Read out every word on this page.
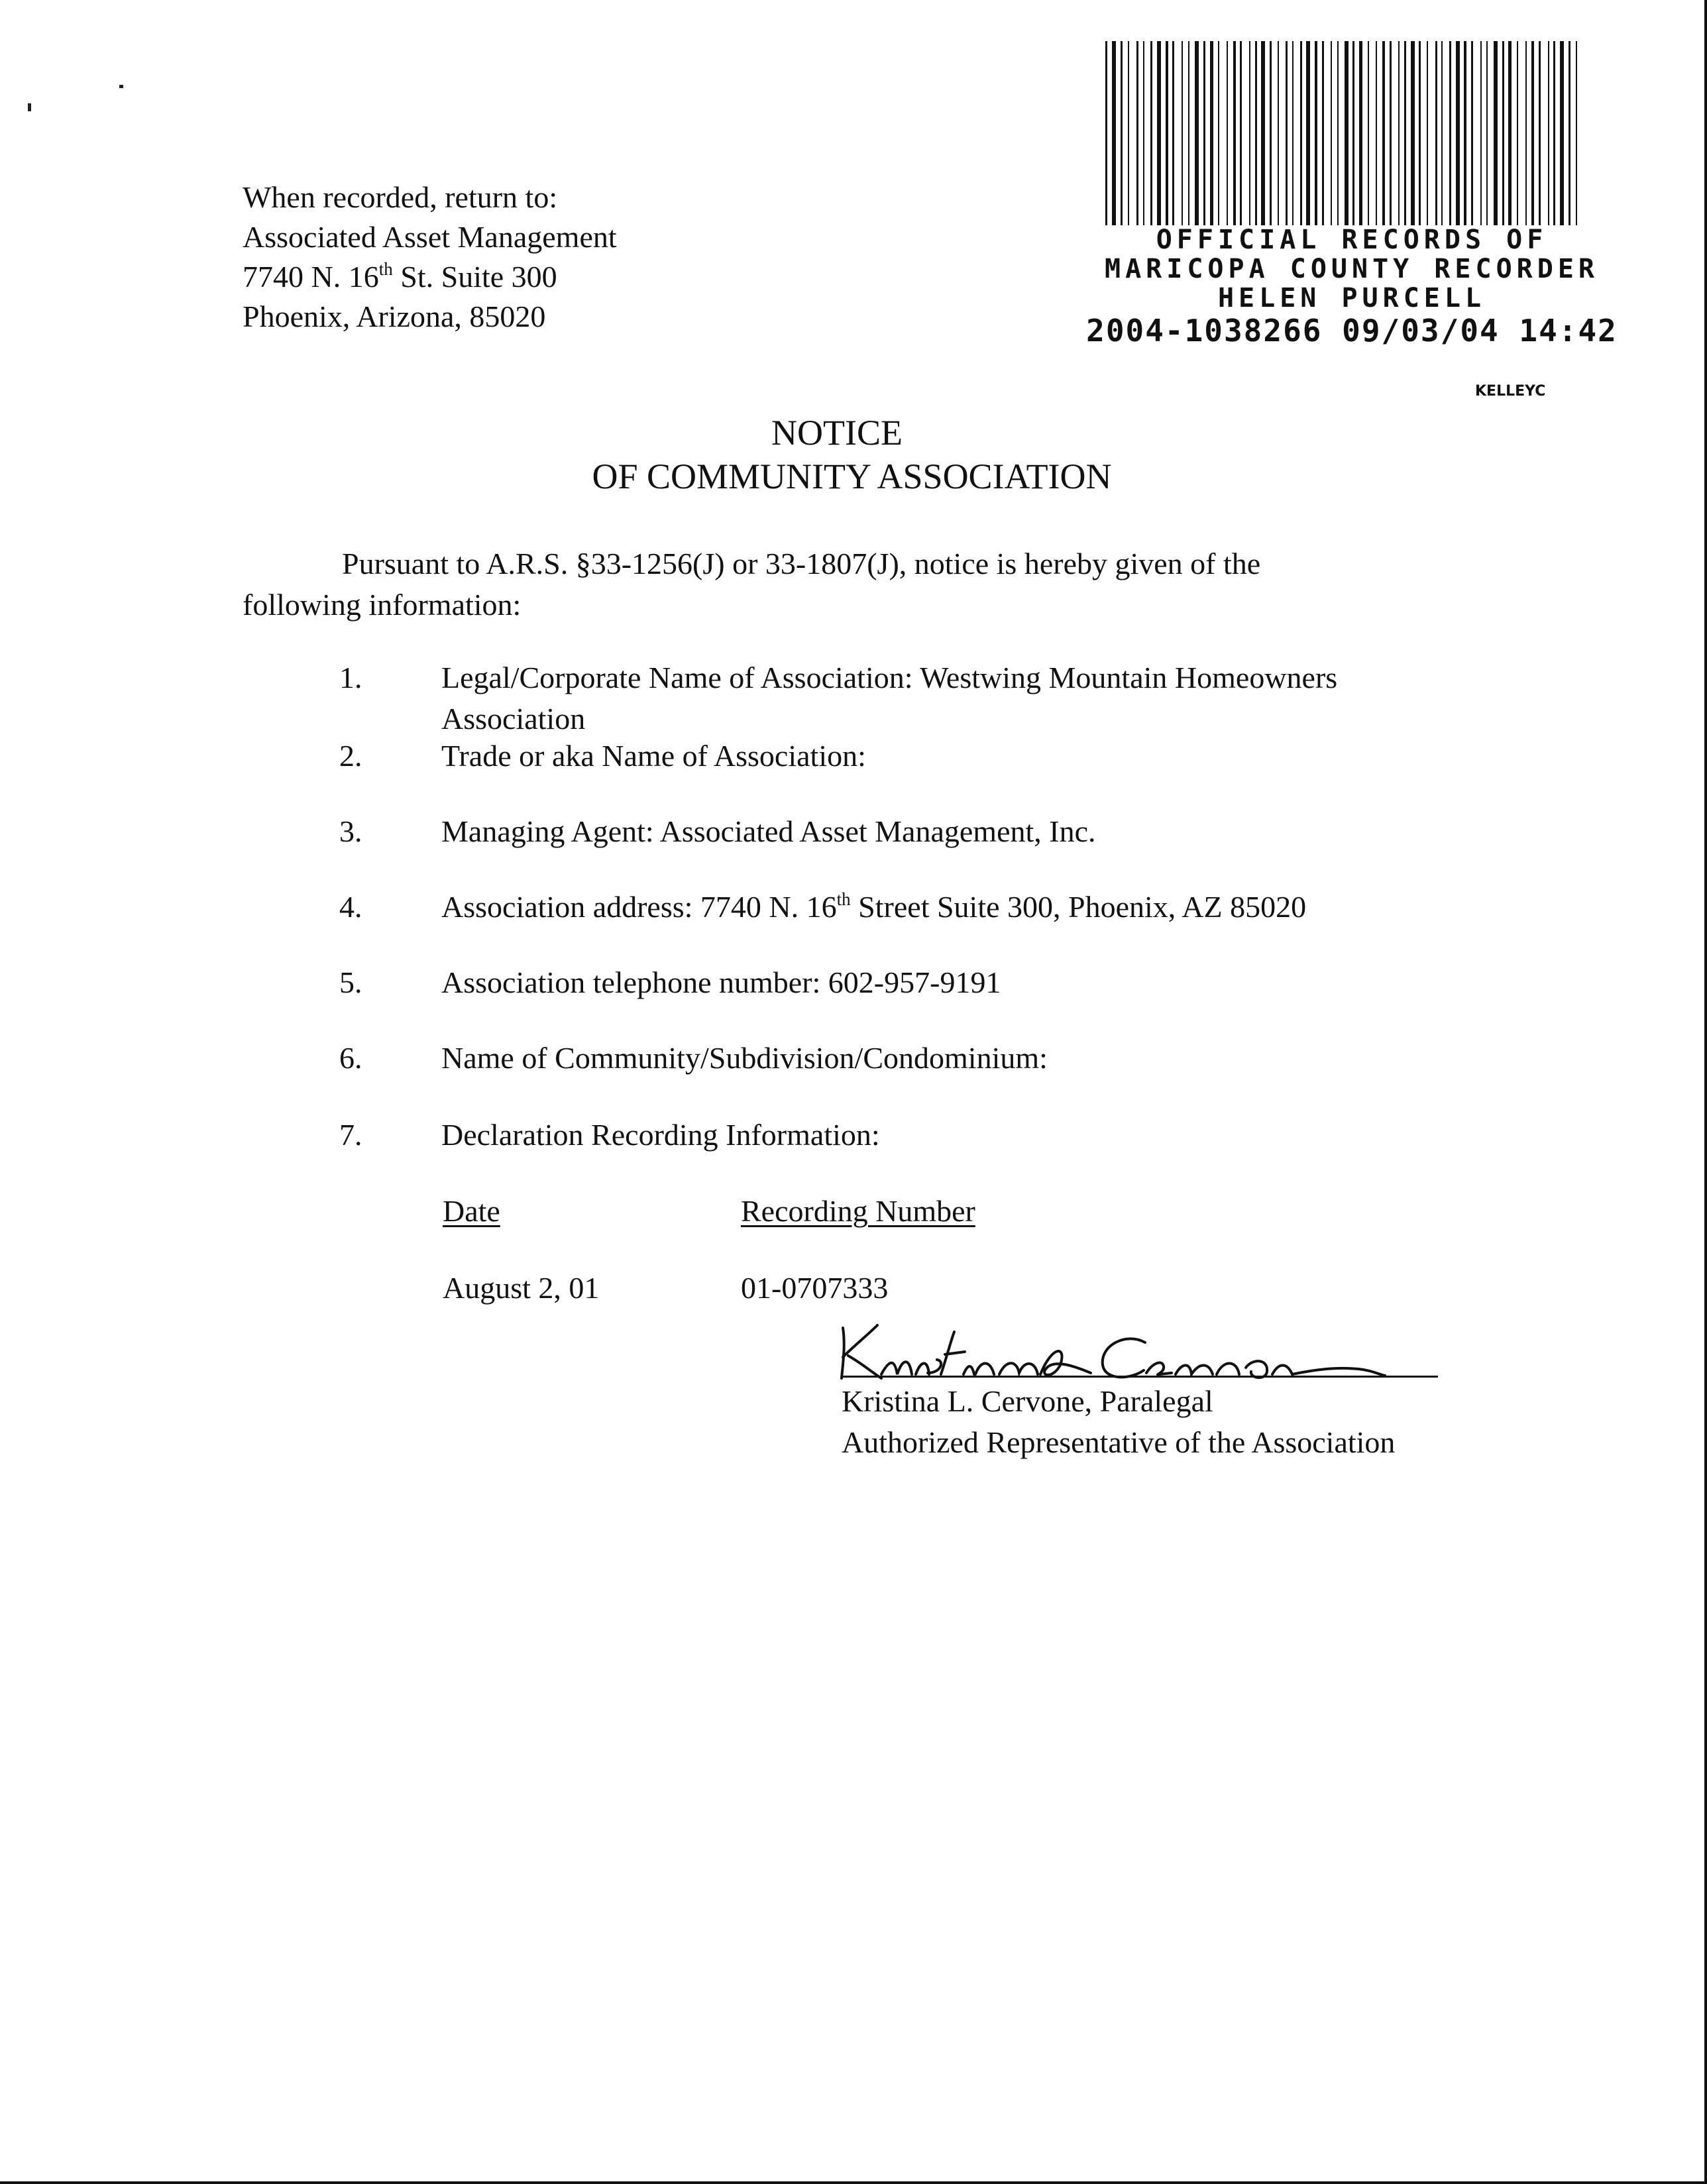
When recorded, return to:
Associated Asset Management
7740 N. 16th St. Suite 300
Phoenix, Arizona, 85020
OFFICIAL RECORDS OF
MARICOPA COUNTY RECORDER
HELEN PURCELL
2004-1038266 09/03/04 14:42
KELLEYC
NOTICE
OF COMMUNITY ASSOCIATION
Pursuant to A.R.S. §33-1256(J) or 33-1807(J), notice is hereby given of the
following information:
1.	Legal/Corporate Name of Association: Westwing Mountain Homeowners Association
2.	Trade or aka Name of Association:
3.	Managing Agent: Associated Asset Management, Inc.
4.	Association address: 7740 N. 16th Street Suite 300, Phoenix, AZ 85020
5.	Association telephone number: 602-957-9191
6.	Name of Community/Subdivision/Condominium:
7.	Declaration Recording Information:
Date	Recording Number
August 2, 01	01-0707333
Kristina L. Cervone, Paralegal
Authorized Representative of the Association
